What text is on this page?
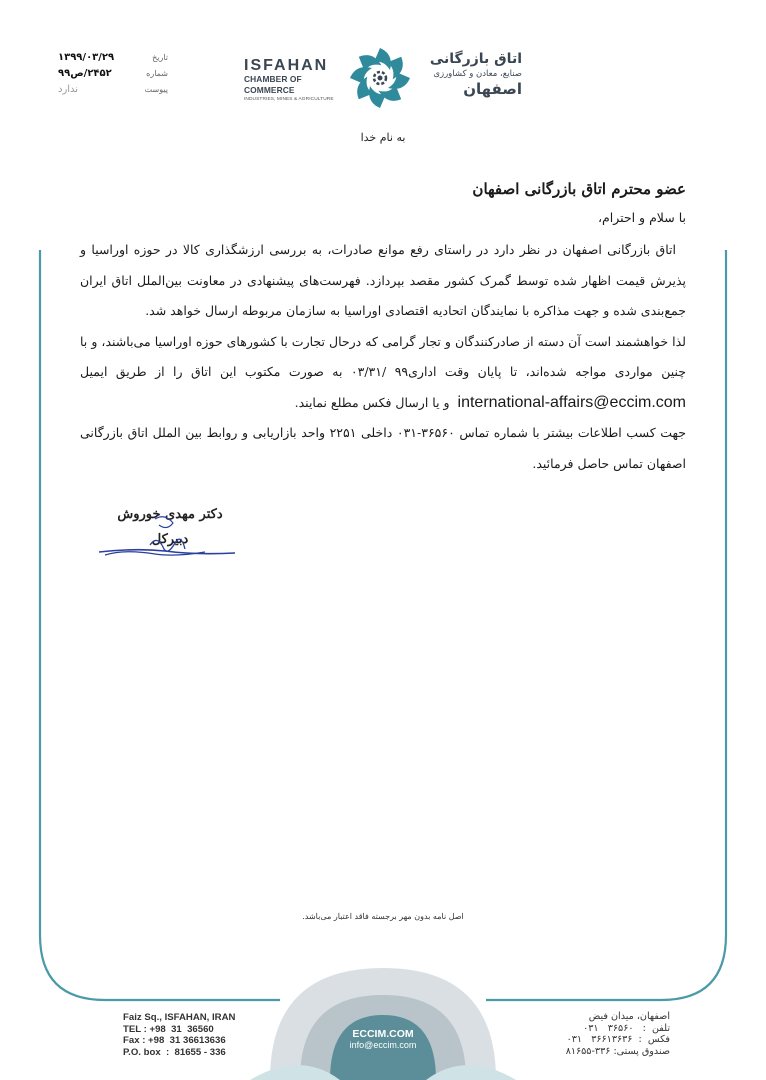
۱۳۹۹/۰۳/۲۹	تاریخ
۲۴۵۲/ص۹۹	شماره
ندارد	پیوست
ISFAHAN
CHAMBER OF COMMERCE
INDUSTRIES, MINES & AGRICULTURE
اتاق بازرگانی
صنایع، معادن و کشاورزی
اصفهان
به نام خدا
عضو محترم اتاق بازرگانی اصفهان
با سلام و احترام،

اتاق بازرگانی اصفهان در نظر دارد در راستای رفع موانع صادرات، به بررسی ارزشگذاری کالا در حوزه اوراسیا و پذیرش قیمت اظهار شده توسط گمرک کشور مقصد بپردازد. فهرست‌های پیشنهادی در معاونت بین‌الملل اتاق ایران جمع‌بندی شده و جهت مذاکره با نمایندگان اتحادیه اقتصادی اوراسیا به سازمان مربوطه ارسال خواهد شد.

لذا خواهشمند است آن دسته از صادرکنندگان و تجار گرامی که درحال تجارت با کشورهای حوزه اوراسیا می‌باشند، و با چنین مواردی مواجه شده‌اند، تا پایان وقت اداری۹۹ /۰۳/۳۱ به صورت مکتوب این اتاق را از طریق ایمیل international-affairs@eccim.com  و یا ارسال فکس مطلع نمایند.

جهت کسب اطلاعات بیشتر با شماره تماس ۳۶۵۶۰-۰۳۱ داخلی ۲۲۵۱ واحد بازاریابی و روابط بین الملل اتاق بازرگانی اصفهان تماس حاصل فرمائید.

دکتر مهدی خوروش
دبیرکل
اصل نامه بدون مهر برجسته فاقد اعتبار می‌باشد.
Faiz Sq., ISFAHAN, IRAN
TEL : +98  31  36560
Fax : +98  31 36613636
P.O. box  :  81655 - 336
اصفهان، میدان فیض
تلفن  :   ۳۶۵۶۰   ۰۳۱
فکس  :  ۳۶۶۱۳۶۳۶   ۰۳۱
صندوق پستی: ۳۳۶-۸۱۶۵۵
ECCIM.COM
info@eccim.com
